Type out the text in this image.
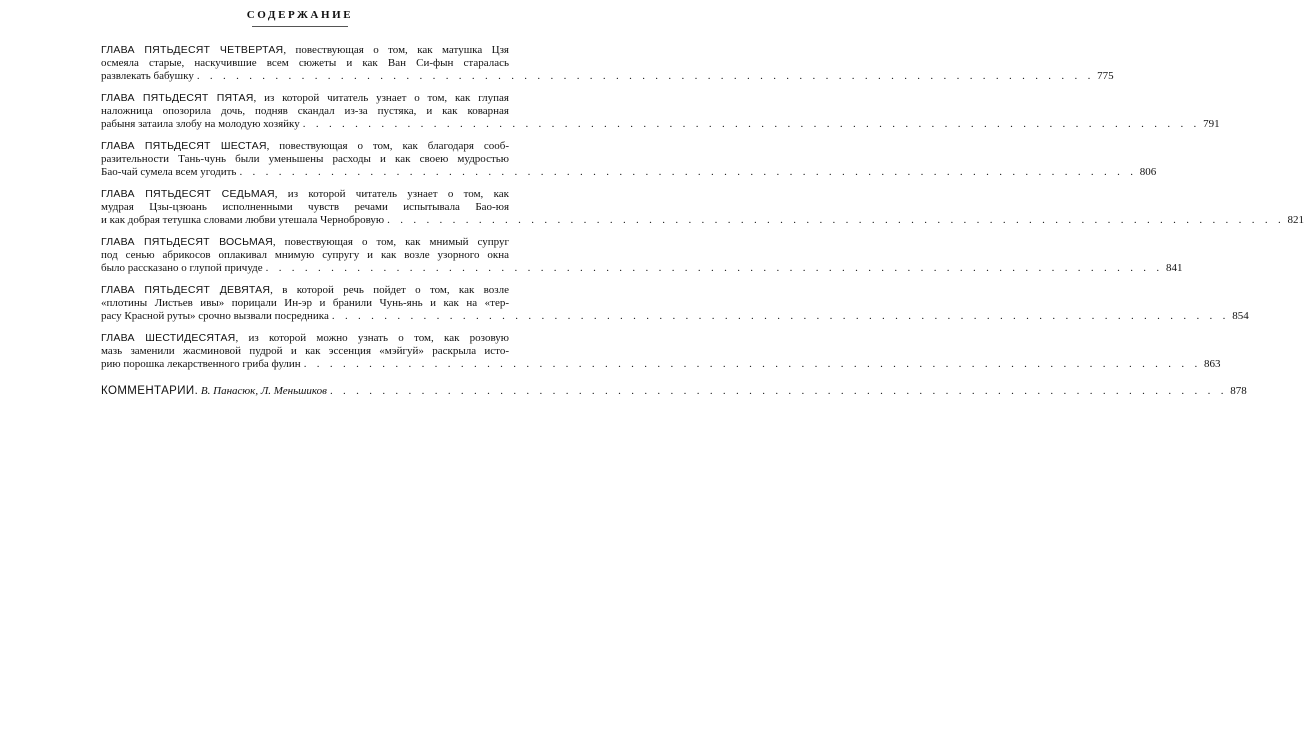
СОДЕРЖАНИЕ
ГЛАВА ПЯТЬДЕСЯТ ЧЕТВЕРТАЯ, повествующая о том, как матушка Цзя
осмеяла старые, наскучившие всем сюжеты и как Ван Си-фын старалась
развлекать бабушку . . . . . . . . . . . . . . . . . . . . . . . . . . . . . . . . . . . . . . . . . . . . . . . . . . . . . . . . . . . . . . . . . . . . . 775
ГЛАВА ПЯТЬДЕСЯТ ПЯТАЯ, из которой читатель узнает о том, как глупая
наложница опозорила дочь, подняв скандал из-за пустяка, и как коварная
рабыня затаила злобу на молодую хозяйку . . . . . . . . . . . . . . . . . . . . . . . . . . . . . . . . . . . . . . . . . . . . . . . . . . . . . . . . . . . . . . . . . . . . . 791
ГЛАВА ПЯТЬДЕСЯТ ШЕСТАЯ, повествующая о том, как благодаря сооб-
разительности Тань-чунь были уменьшены расходы и как своею мудростью
Бао-чай сумела всем угодить . . . . . . . . . . . . . . . . . . . . . . . . . . . . . . . . . . . . . . . . . . . . . . . . . . . . . . . . . . . . . . . . . . . . . 806
ГЛАВА ПЯТЬДЕСЯТ СЕДЬМАЯ, из которой читатель узнает о том, как
мудрая Цзы-цзюань исполненными чувств речами испытывала Бао-юя
и как добрая тетушка словами любви утешала Чернобровую . . . . . . . . . . . . . . . . . . . . . . . . . . . . . . . . . . . . . . . . . . . . . . . . . . . . . . . . . . . . . . . . . . . . . 821
ГЛАВА ПЯТЬДЕСЯТ ВОСЬМАЯ, повествующая о том, как мнимый супруг
под сенью абрикосов оплакивал мнимую супругу и как возле узорного окна
было рассказано о глупой причуде . . . . . . . . . . . . . . . . . . . . . . . . . . . . . . . . . . . . . . . . . . . . . . . . . . . . . . . . . . . . . . . . . . . . . 841
ГЛАВА ПЯТЬДЕСЯТ ДЕВЯТАЯ, в которой речь пойдет о том, как возле
«плотины Листьев ивы» порицали Ин-эр и бранили Чунь-янь и как на «тер-
расу Красной руты» срочно вызвали посредника . . . . . . . . . . . . . . . . . . . . . . . . . . . . . . . . . . . . . . . . . . . . . . . . . . . . . . . . . . . . . . . . . . . . . 854
ГЛАВА ШЕСТИДЕСЯТАЯ, из которой можно узнать о том, как розовую
мазь заменили жасминовой пудрой и как эссенция «мэйгуй» раскрыла исто-
рию порошка лекарственного гриба фулин . . . . . . . . . . . . . . . . . . . . . . . . . . . . . . . . . . . . . . . . . . . . . . . . . . . . . . . . . . . . . . . . . . . . . 863
КОММЕНТАРИИ. В. Панасюк, Л. Меньшиков . . . . . . . . . . . . . . . . . . . . . . . . . . . . . . . . . . . . . . . . . . . . . . . . . . . . . . . . . . . . . . . . . . . . . 878
